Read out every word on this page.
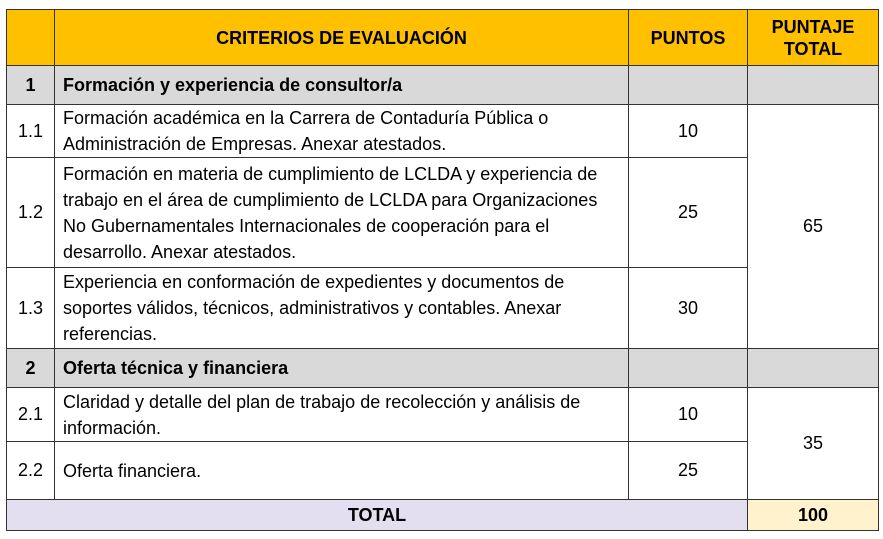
	CRITERIOS DE EVALUACIÓN	PUNTOS	PUNTAJE TOTAL
1	Formación y experiencia de consultor/a		
1.1	Formación académica en la Carrera de Contaduría Pública o Administración de Empresas. Anexar atestados.	10	65
1.2	Formación en materia de cumplimiento de LCLDA y experiencia de trabajo en el área de cumplimiento de LCLDA para Organizaciones No Gubernamentales Internacionales de cooperación para el desarrollo. Anexar atestados.	25	
1.3	Experiencia en conformación de expedientes y documentos de soportes válidos, técnicos, administrativos y contables. Anexar referencias.	30	
2	Oferta técnica y financiera		
2.1	Claridad y detalle del plan de trabajo de recolección y análisis de información.	10	35
2.2	Oferta financiera.	25	
TOTAL			100
